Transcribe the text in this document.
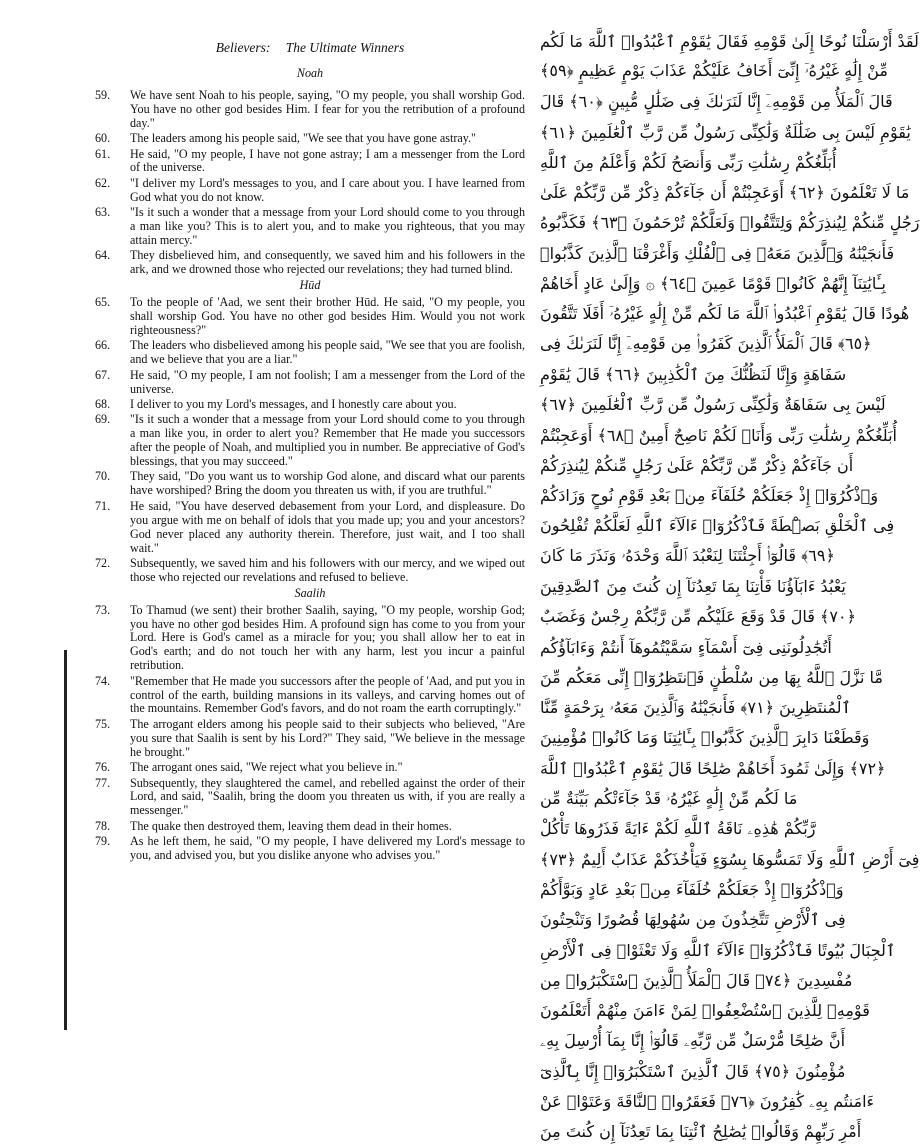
Believers: The Ultimate Winners
Noah
59.	We have sent Noah to his people, saying, "O my people, you shall worship God. You have no other god besides Him. I fear for you the retribution of a profound day."
60.	The leaders among his people said, "We see that you have gone astray."
61.	He said, "O my people, I have not gone astray; I am a messenger from the Lord of the universe.
62.	"I deliver my Lord's messages to you, and I care about you. I have learned from God what you do not know.
63.	"Is it such a wonder that a message from your Lord should come to you through a man like you? This is to alert you, and to make you righteous, that you may attain mercy."
64.	They disbelieved him, and consequently, we saved him and his followers in the ark, and we drowned those who rejected our revelations; they had turned blind.
Hūd
65.	To the people of 'Aad, we sent their brother Hūd. He said, "O my people, you shall worship God. You have no other god besides Him. Would you not work righteousness?"
66.	The leaders who disbelieved among his people said, "We see that you are foolish, and we believe that you are a liar."
67.	He said, "O my people, I am not foolish; I am a messenger from the Lord of the universe.
68.	I deliver to you my Lord's messages, and I honestly care about you.
69.	"Is it such a wonder that a message from your Lord should come to you through a man like you, in order to alert you? Remember that He made you successors after the people of Noah, and multiplied you in number. Be appreciative of God's blessings, that you may succeed."
70.	They said, "Do you want us to worship God alone, and discard what our parents have worshiped? Bring the doom you threaten us with, if you are truthful."
71.	He said, "You have deserved debasement from your Lord, and displeasure. Do you argue with me on behalf of idols that you made up; you and your ancestors? God never placed any authority therein. Therefore, just wait, and I too shall wait."
72.	Subsequently, we saved him and his followers with our mercy, and we wiped out those who rejected our revelations and refused to believe.
Saalih
73.	To Thamud (we sent) their brother Saalih, saying, "O my people, worship God; you have no other god besides Him. A profound sign has come to you from your Lord. Here is God's camel as a miracle for you; you shall allow her to eat in God's earth; and do not touch her with any harm, lest you incur a painful retribution.
74.	"Remember that He made you successors after the people of 'Aad, and put you in control of the earth, building mansions in its valleys, and carving homes out of the mountains. Remember God's favors, and do not roam the earth corruptingly."
75.	The arrogant elders among his people said to their subjects who believed, "Are you sure that Saalih is sent by his Lord?" They said, "We believe in the message he brought."
76.	The arrogant ones said, "We reject what you believe in."
77.	Subsequently, they slaughtered the camel, and rebelled against the order of their Lord, and said, "Saalih, bring the doom you threaten us with, if you are really a messenger."
78.	The quake then destroyed them, leaving them dead in their homes.
79.	As he left them, he said, "O my people, I have delivered my Lord's message to you, and advised you, but you dislike anyone who advises you."
لَقَدْ أَرْسَلْنَا نُوحًا إِلَىٰ قَوْمِهِ فَقَالَ يَٰقَوْمِ ٱعْبُدُوا۟ ٱللَّهَ مَا لَكُم
مِّنْ إِلَٰهٍ غَيْرُهُۥٓ إِنِّىٓ أَخَافُ عَلَيْكُمْ عَذَابَ يَوْمٍ عَظِيمٍ ﴿٥٩﴾
قَالَ ٱلْمَلَأُ مِن قَوْمِهِۦٓ إِنَّا لَنَرَىٰكَ فِى ضَلَٰلٍ مُّبِينٍ ﴿٦٠﴾ قَالَ
يَٰقَوْمِ لَيْسَ بِى ضَلَٰلَةٌ وَلَٰكِنِّى رَسُولٌ مِّن رَّبِّ ٱلْعَٰلَمِينَ ﴿٦١﴾
أُبَلِّغُكُمْ رِسَٰلَٰتِ رَبِّى وَأَنصَحُ لَكُمْ وَأَعْلَمُ مِنَ ٱللَّهِ
مَا لَا تَعْلَمُونَ ﴿٦٢﴾ أَوَعَجِبْتُمْ أَن جَآءَكُمْ ذِكْرٌ مِّن رَّبِّكُمْ عَلَىٰ
رَجُلٍ مِّنكُمْ لِيُنذِرَكُمْ وَلِتَتَّقُوا۟ وَلَعَلَّكُمْ تُرْحَمُونَ ﴿٦٣﴾ فَكَذَّبُوهُ
فَأَنجَيْنَٰهُ وَٱلَّذِينَ مَعَهُۥ فِى ٱلْفُلْكِ وَأَغْرَقْنَا ٱلَّذِينَ كَذَّبُوا۟
بِـَٔايَٰتِنَآ إِنَّهُمْ كَانُوا۟ قَوْمًا عَمِينَ ﴿٦٤﴾ ۞ وَإِلَىٰ عَادٍ أَخَاهُمْ
هُودًا قَالَ يَٰقَوْمِ ٱعْبُدُوا۟ ٱللَّهَ مَا لَكُم مِّنْ إِلَٰهٍ غَيْرُهُۥٓ أَفَلَا تَتَّقُونَ
﴿٦٥﴾ قَالَ ٱلْمَلَأُ ٱلَّذِينَ كَفَرُوا۟ مِن قَوْمِهِۦٓ إِنَّا لَنَرَىٰكَ فِى
سَفَاهَةٍ وَإِنَّا لَنَظُنُّكَ مِنَ ٱلْكَٰذِبِينَ ﴿٦٦﴾ قَالَ يَٰقَوْمِ
لَيْسَ بِى سَفَاهَةٌ وَلَٰكِنِّى رَسُولٌ مِّن رَّبِّ ٱلْعَٰلَمِينَ ﴿٦٧﴾
أُبَلِّغُكُمْ رِسَٰلَٰتِ رَبِّى وَأَنَا۠ لَكُمْ نَاصِحٌ أَمِينٌ ﴿٦٨﴾ أَوَعَجِبْتُمْ
أَن جَآءَكُمْ ذِكْرٌ مِّن رَّبِّكُمْ عَلَىٰ رَجُلٍ مِّنكُمْ لِيُنذِرَكُمْ
وَٱذْكُرُوٓا۟ إِذْ جَعَلَكُمْ خُلَفَآءَ مِنۢ بَعْدِ قَوْمِ نُوحٍ وَزَادَكُمْ
فِى ٱلْخَلْقِ بَصْۜطَةً فَٱذْكُرُوٓا۟ ءَالَآءَ ٱللَّهِ لَعَلَّكُمْ تُفْلِحُونَ
﴿٦٩﴾ قَالُوٓا۟ أَجِئْتَنَا لِنَعْبُدَ ٱللَّهَ وَحْدَهُۥ وَنَذَرَ مَا كَانَ
يَعْبُدُ ءَابَآؤُنَا فَأْتِنَا بِمَا تَعِدُنَآ إِن كُنتَ مِنَ ٱلصَّٰدِقِينَ
﴿٧٠﴾ قَالَ قَدْ وَقَعَ عَلَيْكُم مِّن رَّبِّكُمْ رِجْسٌ وَغَضَبٌ
أَتُجَٰدِلُونَنِى فِىٓ أَسْمَآءٍ سَمَّيْتُمُوهَآ أَنتُمْ وَءَابَآؤُكُم
مَّا نَزَّلَ ٱللَّهُ بِهَا مِن سُلْطَٰنٍ فَٱنتَظِرُوٓا۟ إِنِّى مَعَكُم مِّنَ
ٱلْمُنتَظِرِينَ ﴿٧١﴾ فَأَنجَيْنَٰهُ وَٱلَّذِينَ مَعَهُۥ بِرَحْمَةٍ مِّنَّا
وَقَطَعْنَا دَابِرَ ٱلَّذِينَ كَذَّبُوا۟ بِـَٔايَٰتِنَا وَمَا كَانُوا۟ مُؤْمِنِينَ
﴿٧٢﴾ وَإِلَىٰ ثَمُودَ أَخَاهُمْ صَٰلِحًا قَالَ يَٰقَوْمِ ٱعْبُدُوا۟ ٱللَّهَ
مَا لَكُم مِّنْ إِلَٰهٍ غَيْرُهُۥ قَدْ جَآءَتْكُم بَيِّنَةٌ مِّن
رَّبِّكُمْ هَٰذِهِۦ نَاقَةُ ٱللَّهِ لَكُمْ ءَايَةً فَذَرُوهَا تَأْكُلْ
فِىٓ أَرْضِ ٱللَّهِ وَلَا تَمَسُّوهَا بِسُوٓءٍ فَيَأْخُذَكُمْ عَذَابٌ أَلِيمٌ ﴿٧٣﴾
وَٱذْكُرُوٓا۟ إِذْ جَعَلَكُمْ خُلَفَآءَ مِنۢ بَعْدِ عَادٍ وَبَوَّأَكُمْ
فِى ٱلْأَرْضِ تَتَّخِذُونَ مِن سُهُولِهَا قُصُورًا وَتَنْحِتُونَ
ٱلْجِبَالَ بُيُوتًا فَٱذْكُرُوٓا۟ ءَالَآءَ ٱللَّهِ وَلَا تَعْثَوْا۟ فِى ٱلْأَرْضِ
مُفْسِدِينَ ﴿٧٤﴾ قَالَ ٱلْمَلَأُ ٱلَّذِينَ ٱسْتَكْبَرُوا۟ مِن
قَوْمِهِۦ لِلَّذِينَ ٱسْتُضْعِفُوا۟ لِمَنْ ءَامَنَ مِنْهُمْ أَتَعْلَمُونَ
أَنَّ صَٰلِحًا مُّرْسَلٌ مِّن رَّبِّهِۦ قَالُوٓا۟ إِنَّا بِمَآ أُرْسِلَ بِهِۦ
مُؤْمِنُونَ ﴿٧٥﴾ قَالَ ٱلَّذِينَ ٱسْتَكْبَرُوٓا۟ إِنَّا بِٱلَّذِىٓ
ءَامَنتُم بِهِۦ كَٰفِرُونَ ﴿٧٦﴾ فَعَقَرُوا۟ ٱلنَّاقَةَ وَعَتَوْا۟ عَنْ
أَمْرِ رَبِّهِمْ وَقَالُوا۟ يَٰصَٰلِحُ ٱئْتِنَا بِمَا تَعِدُنَآ إِن كُنتَ مِنَ
